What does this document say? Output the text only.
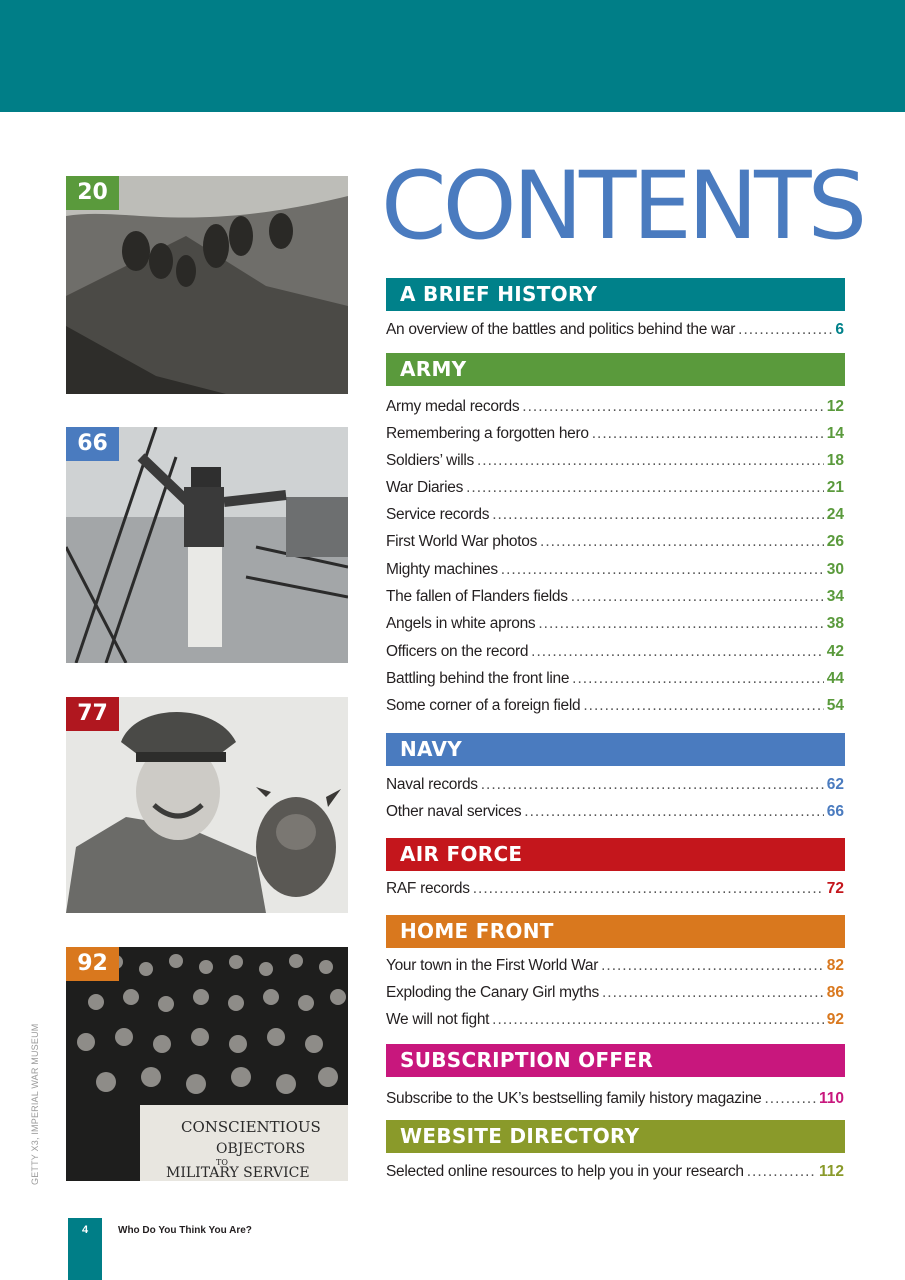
CONTENTS
20
66
77
CONSCIENTIOUS
OBJECTORS
TO
MILITARY SERVICE
92
GETTY X3, IMPERIAL WAR MUSEUM
A BRIEF HISTORY
An overview of the battles and politics behind the war .....	6
ARMY
Army medal records .....	12
Remembering a forgotten hero .....	14
Soldiers’ wills .....	18
War Diaries .....	21
Service records .....	24
First World War photos .....	26
Mighty machines .....	30
The fallen of Flanders fields .....	34
Angels in white aprons .....	38
Officers on the record .....	42
Battling behind the front line .....	44
Some corner of a foreign field .....	54
NAVY
Naval records .....	62
Other naval services .....	66
AIR FORCE
RAF records .....	72
HOME FRONT
Your town in the First World War .....	82
Exploding the Canary Girl myths .....	86
We will not fight .....	92
SUBSCRIPTION OFFER
Subscribe to the UK’s bestselling family history magazine .....	110
WEBSITE DIRECTORY
Selected online resources to help you in your research .....	112
4	Who Do You Think You Are?
